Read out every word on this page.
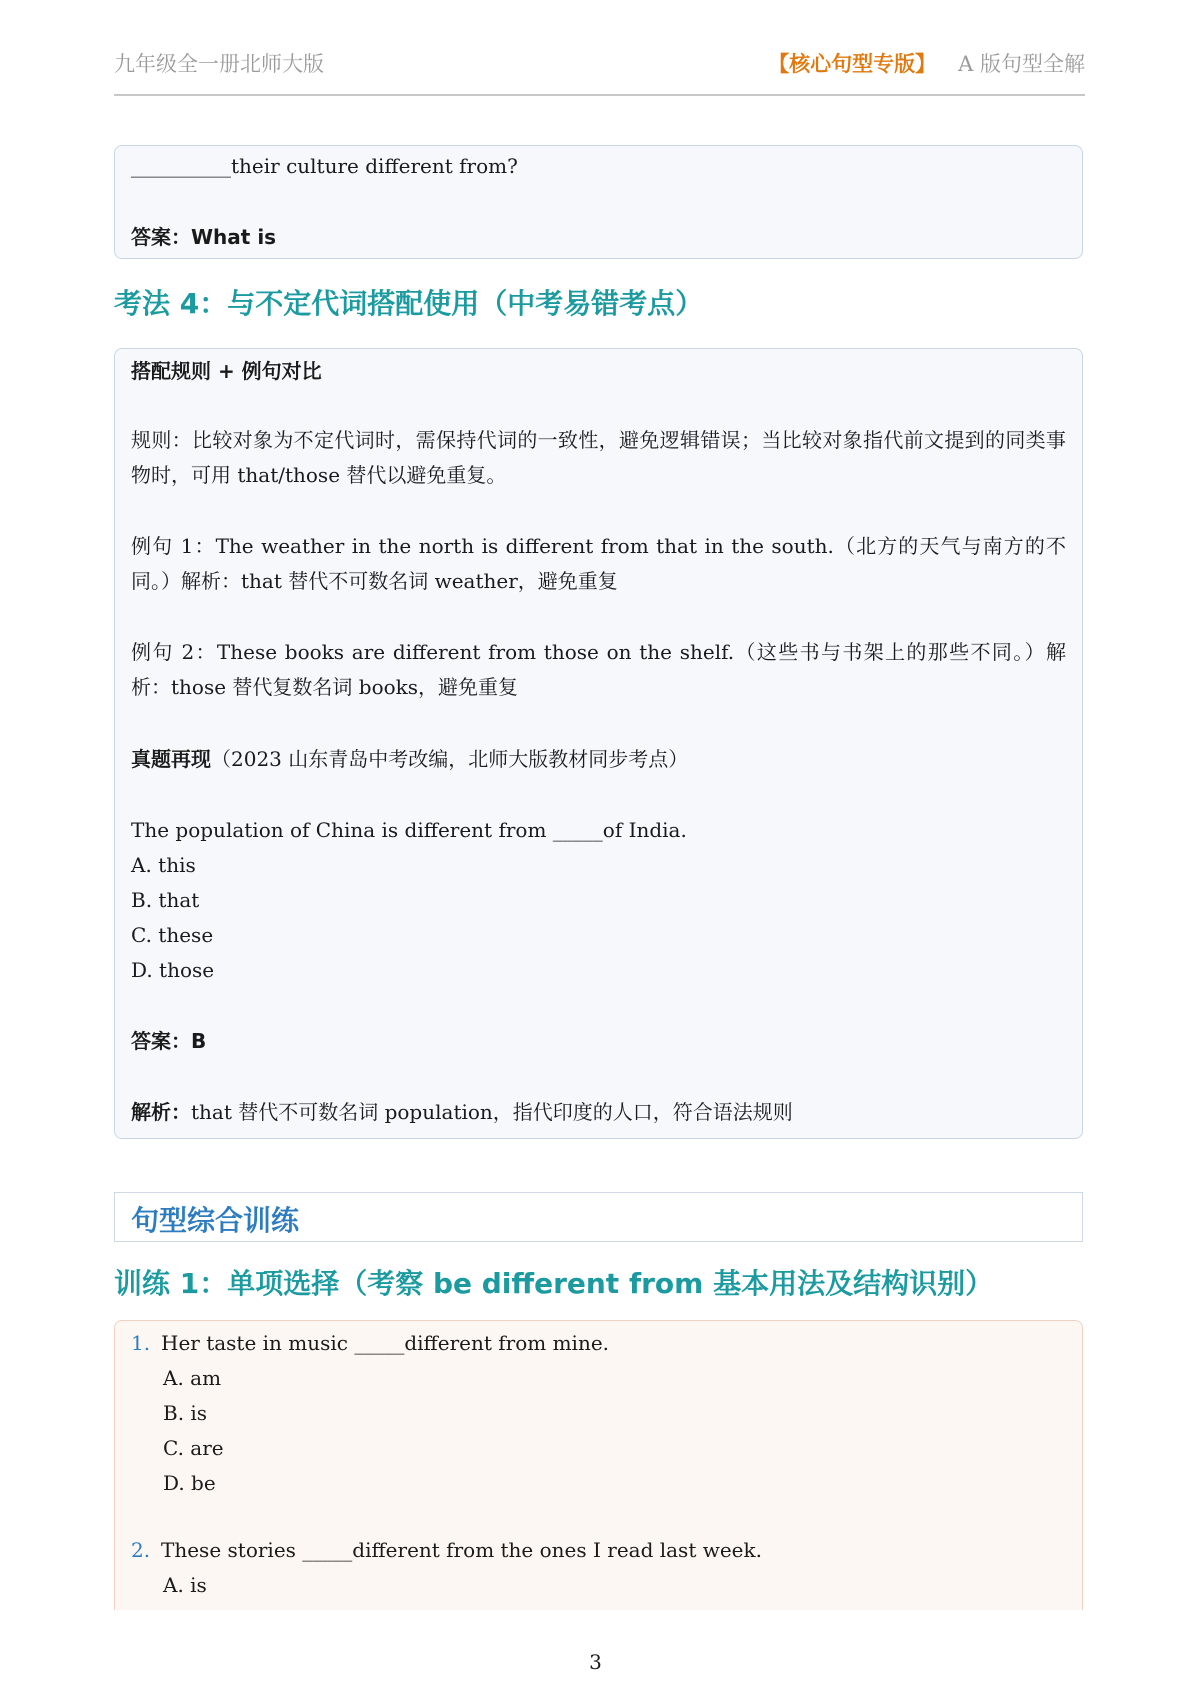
九年级全一册北师大版	【核心句型专版】 A 版句型全解
__________their culture different from?
答案：What is
考法 4：与不定代词搭配使用（中考易错考点）
搭配规则 + 例句对比
规则：比较对象为不定代词时，需保持代词的一致性，避免逻辑错误；当比较对象指代前文提到的同类事物时，可用 that/those 替代以避免重复。
例句 1：The weather in the north is different from that in the south.（北方的天气与南方的不同。）解析：that 替代不可数名词 weather，避免重复
例句 2：These books are different from those on the shelf.（这些书与书架上的那些不同。）解析：those 替代复数名词 books，避免重复
真题再现（2023 山东青岛中考改编，北师大版教材同步考点）
The population of China is different from _____of India.
A. this
B. that
C. these
D. those
答案：B
解析：that 替代不可数名词 population，指代印度的人口，符合语法规则
句型综合训练
训练 1：单项选择（考察 be different from 基本用法及结构识别）
1. Her taste in music _____different from mine.
A. am
B. is
C. are
D. be
2. These stories _____different from the ones I read last week.
A. is
3
